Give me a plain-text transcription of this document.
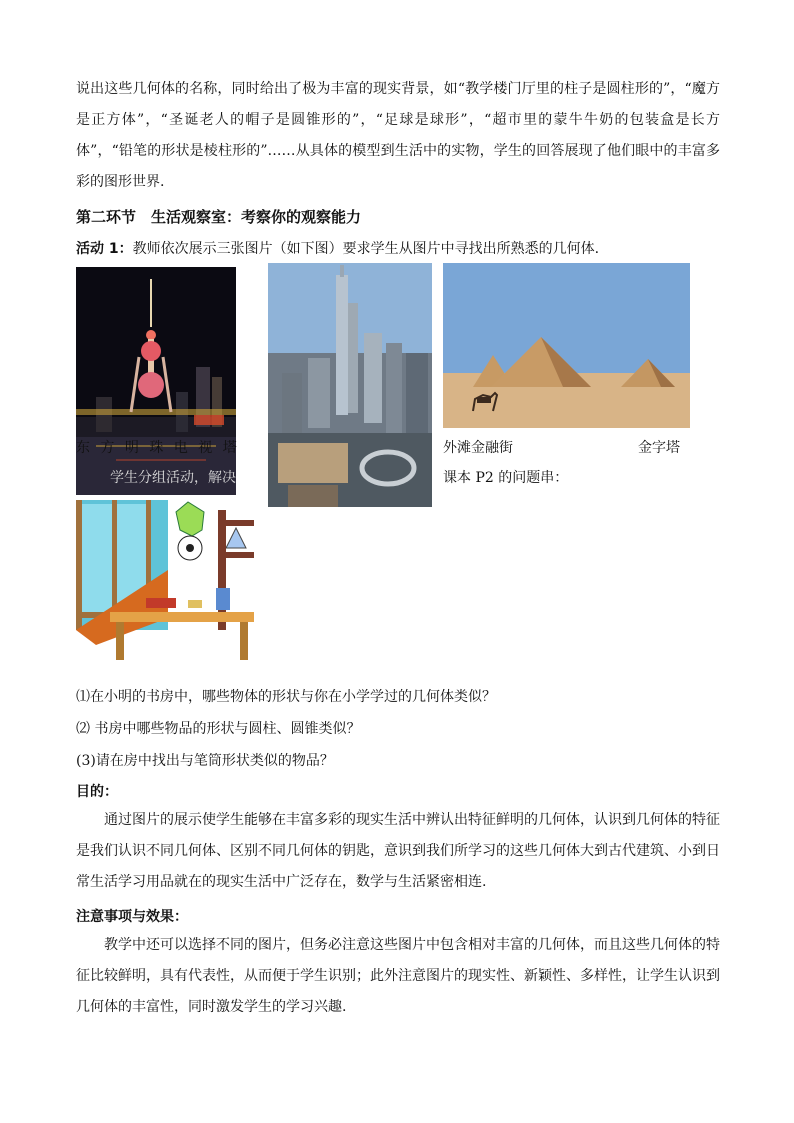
说出这些几何体的名称，同时给出了极为丰富的现实背景，如“教学楼门厅里的柱子是圆柱形的”，“魔方是正方体”，“圣诞老人的帽子是圆锥形的”，“足球是球形”，“超市里的蒙牛牛奶的包装盒是长方体”，“铅笔的形状是棱柱形的”……从具体的模型到生活中的实物，学生的回答展现了他们眼中的丰富多彩的图形世界.
第二环节　生活观察室：考察你的观察能力
活动 1：教师依次展示三张图片（如下图）要求学生从图片中寻找出所熟悉的几何体.
东 方 明 珠 电 视 塔	外滩金融街	金字塔
学生分组活动，解决	课本 P2 的问题串：
⑴在小明的书房中，哪些物体的形状与你在小学学过的几何体类似？
⑵ 书房中哪些物品的形状与圆柱、圆锥类似？
(3)请在房中找出与笔筒形状类似的物品？
目的：
通过图片的展示使学生能够在丰富多彩的现实生活中辨认出特征鲜明的几何体，认识到几何体的特征是我们认识不同几何体、区别不同几何体的钥匙，意识到我们所学习的这些几何体大到古代建筑、小到日常生活学习用品就在的现实生活中广泛存在，数学与生活紧密相连.
注意事项与效果：
教学中还可以选择不同的图片，但务必注意这些图片中包含相对丰富的几何体，而且这些几何体的特征比较鲜明，具有代表性，从而便于学生识别；此外注意图片的现实性、新颖性、多样性，让学生认识到几何体的丰富性，同时激发学生的学习兴趣.
